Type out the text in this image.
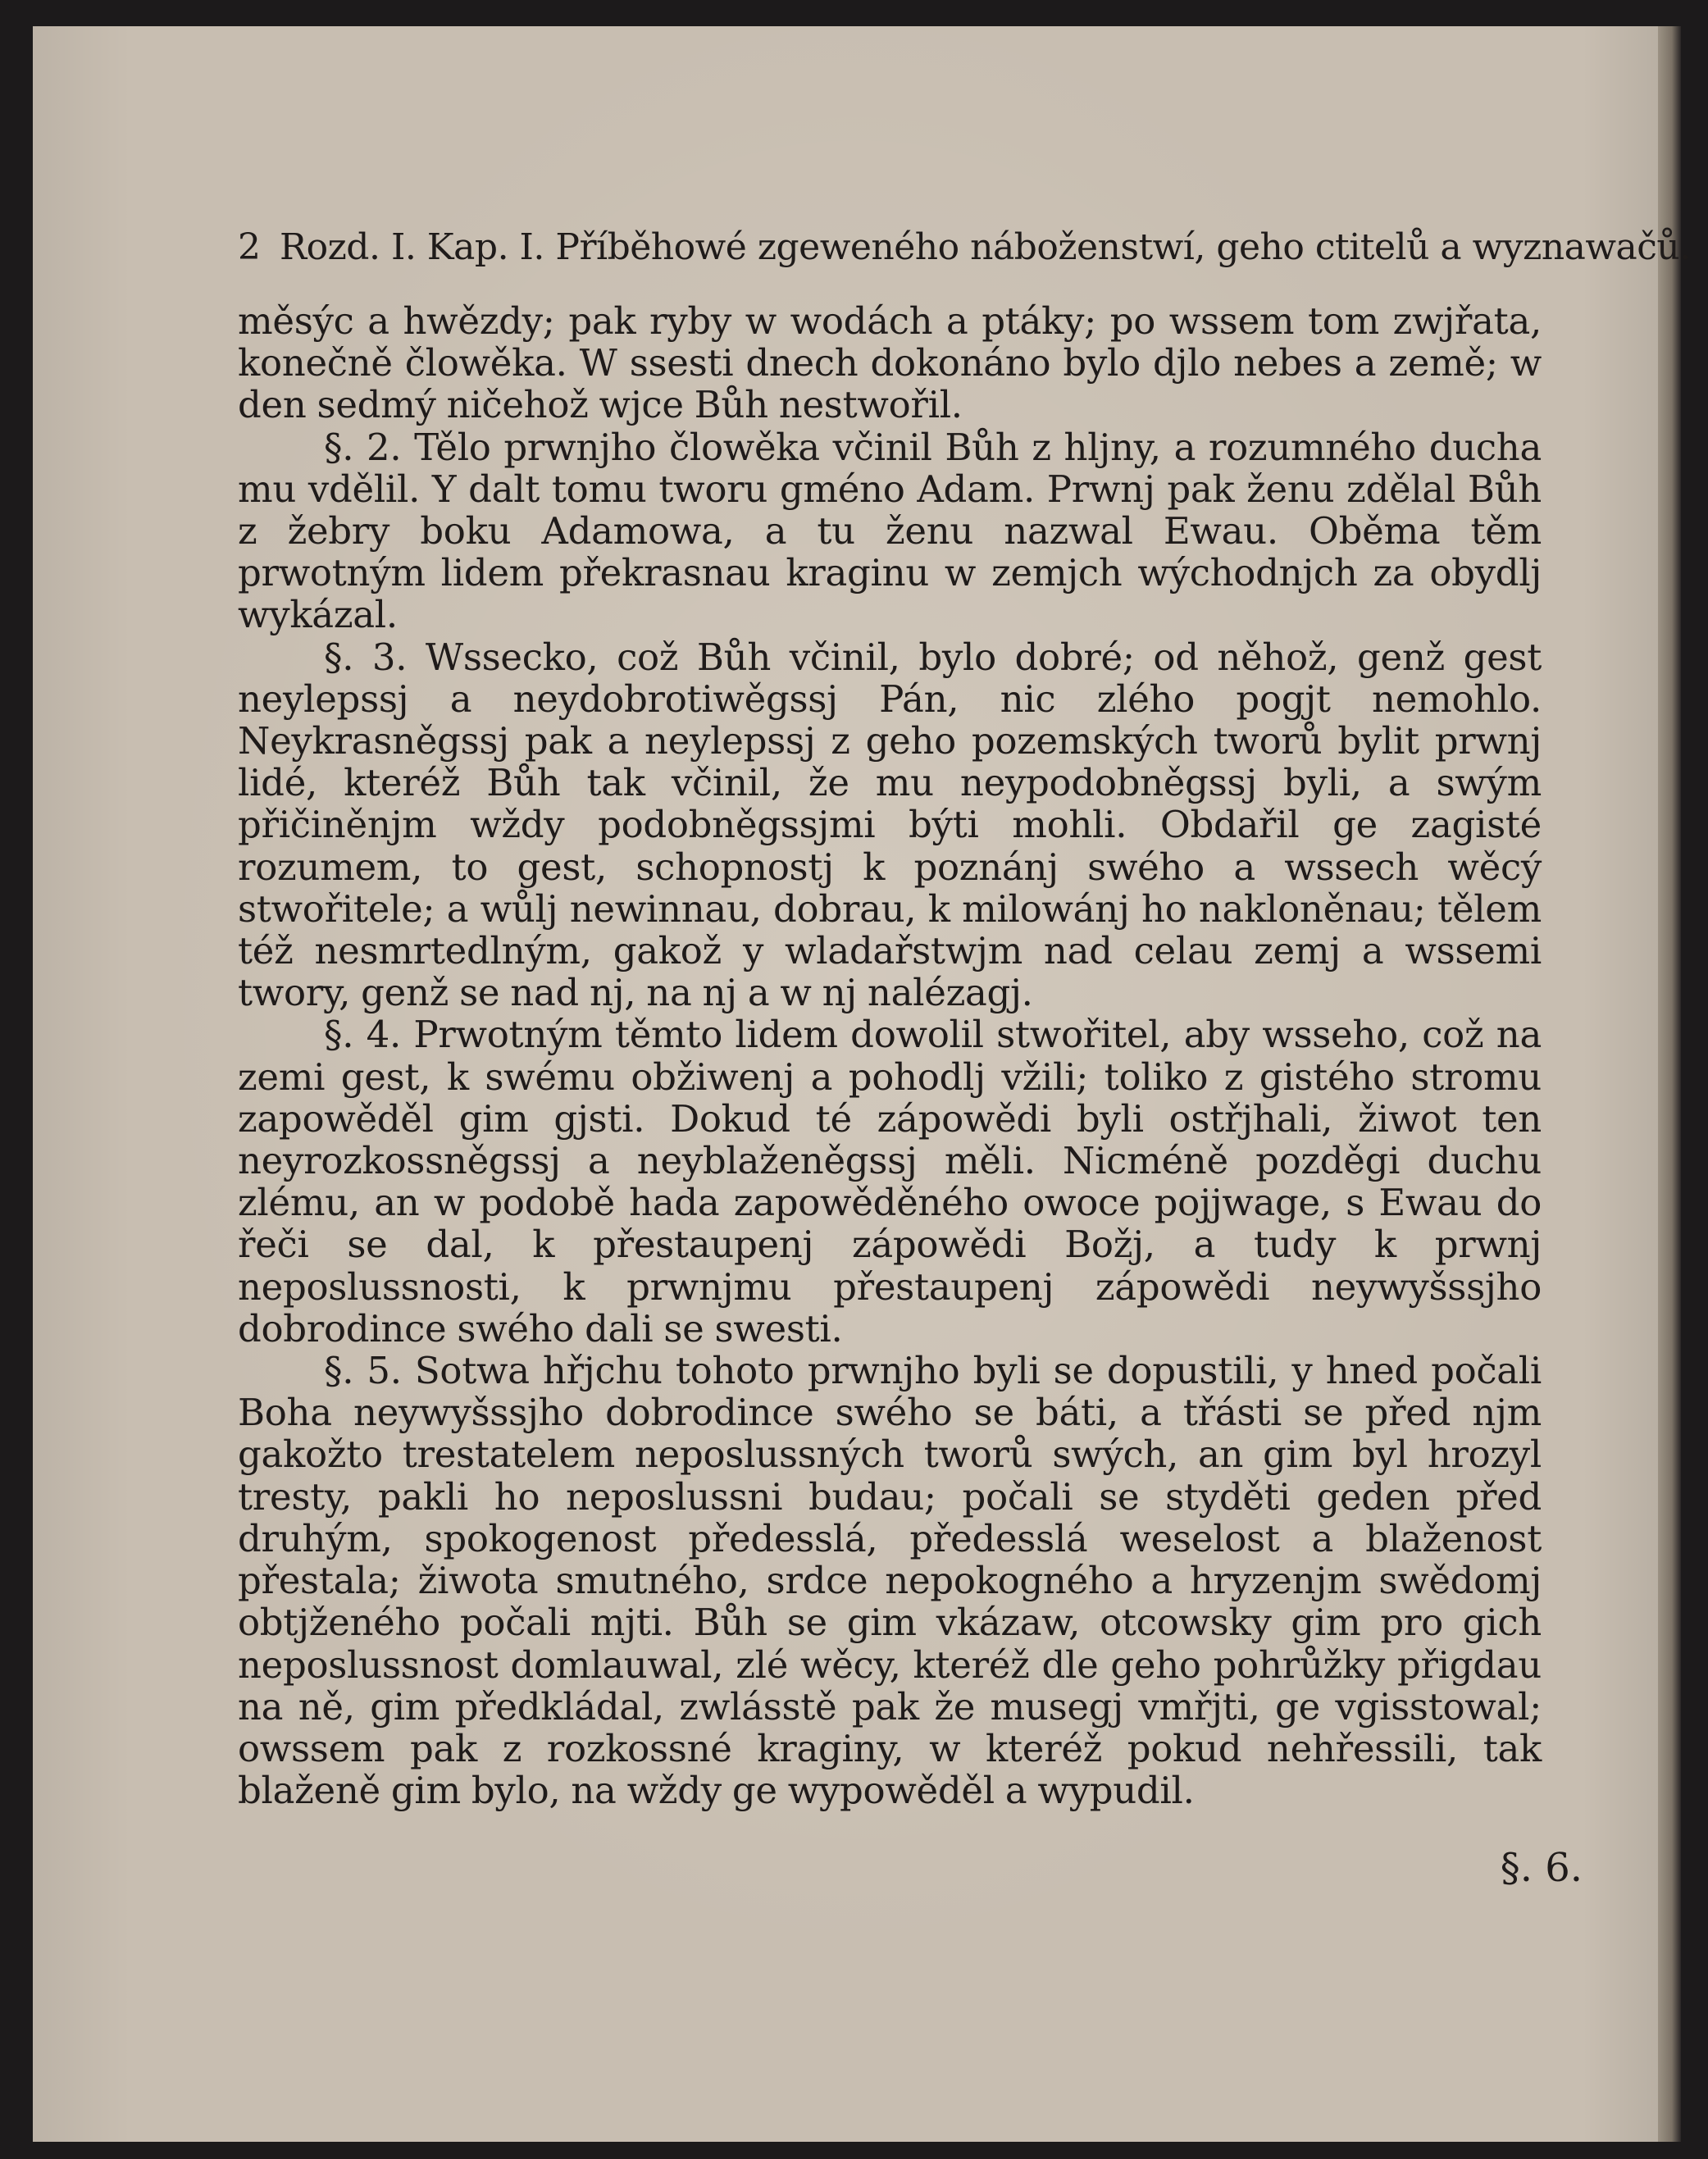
2 Rozd. I. Kap. I. Příběhowé zgeweného náboženstwí, geho ctitelů a wyznawačů.

měsýc a hwězdy; pak ryby w wodách a ptáky; po wssem tom zwjřata, konečně člowěka. W ssesti dnech dokonáno bylo djlo nebes a země; w den sedmý ničehož wjce Bůh nestwořil.

§. 2. Tělo prwnjho člowěka včinil Bůh z hljny, a rozumného ducha mu vdělil. Y dalt tomu tworu gméno Adam. Prwnj pak ženu zdělal Bůh z žebry boku Adamowa, a tu ženu nazwal Ewau. Oběma těm prwotným lidem překrasnau kraginu w zemjch wýchodnjch za obydlj wykázal.

§. 3. Wssecko, což Bůh včinil, bylo dobré; od něhož, genž gest neylepssj a neydobrotiwěgssj Pán, nic zlého pogjt nemohlo. Neykrasněgssj pak a neylepssj z geho pozemských tworů bylit prwnj lidé, kteréž Bůh tak včinil, že mu neypodobněgssj byli, a swým přičiněnjm wždy podobněgssjmi býti mohli. Obdařil ge zagisté rozumem, to gest, schopnostj k poznánj swého a wssech wěcý stwořitele; a wůlj newinnau, dobrau, k milowánj ho nakloněnau; tělem též nesmrtedlným, gakož y wladařstwjm nad celau zemj a wssemi twory, genž se nad nj, na nj a w nj nalézagj.

§. 4. Prwotným těmto lidem dowolil stwořitel, aby wsseho, což na zemi gest, k swému obžiwenj a pohodlj vžili; toliko z gistého stromu zapowěděl gim gjsti. Dokud té zápowědi byli ostřjhali, žiwot ten neyrozkossněgssj a neyblaženěgssj měli. Nicméně pozděgi duchu zlému, an w podobě hada zapowěděného owoce pojjwage, s Ewau do řeči se dal, k přestaupenj zápowědi Božj, a tudy k prwnj neposlussnosti, k prwnjmu přestaupenj zápowědi neywyšssjho dobrodince swého dali se swesti.

§. 5. Sotwa hřjchu tohoto prwnjho byli se dopustili, y hned počali Boha neywyšssjho dobrodince swého se báti, a třásti se před njm gakožto trestatelem neposlussných tworů swých, an gim byl hrozyl tresty, pakli ho neposlussni budau; počali se styděti geden před druhým, spokogenost předesslá, předesslá weselost a blaženost přestala; žiwota smutného, srdce nepokogného a hryzenjm swědomj obtjženého počali mjti. Bůh se gim vkázaw, otcowsky gim pro gich neposlussnost domlauwal, zlé wěcy, kteréž dle geho pohrůžky přigdau na ně, gim předkládal, zwlásstě pak že musegj vmřjti, ge vgisstowal; owssem pak z rozkossné kraginy, w kteréž pokud nehřessili, tak blaženě gim bylo, na wždy ge wypowěděl a wypudil.

§. 6.
